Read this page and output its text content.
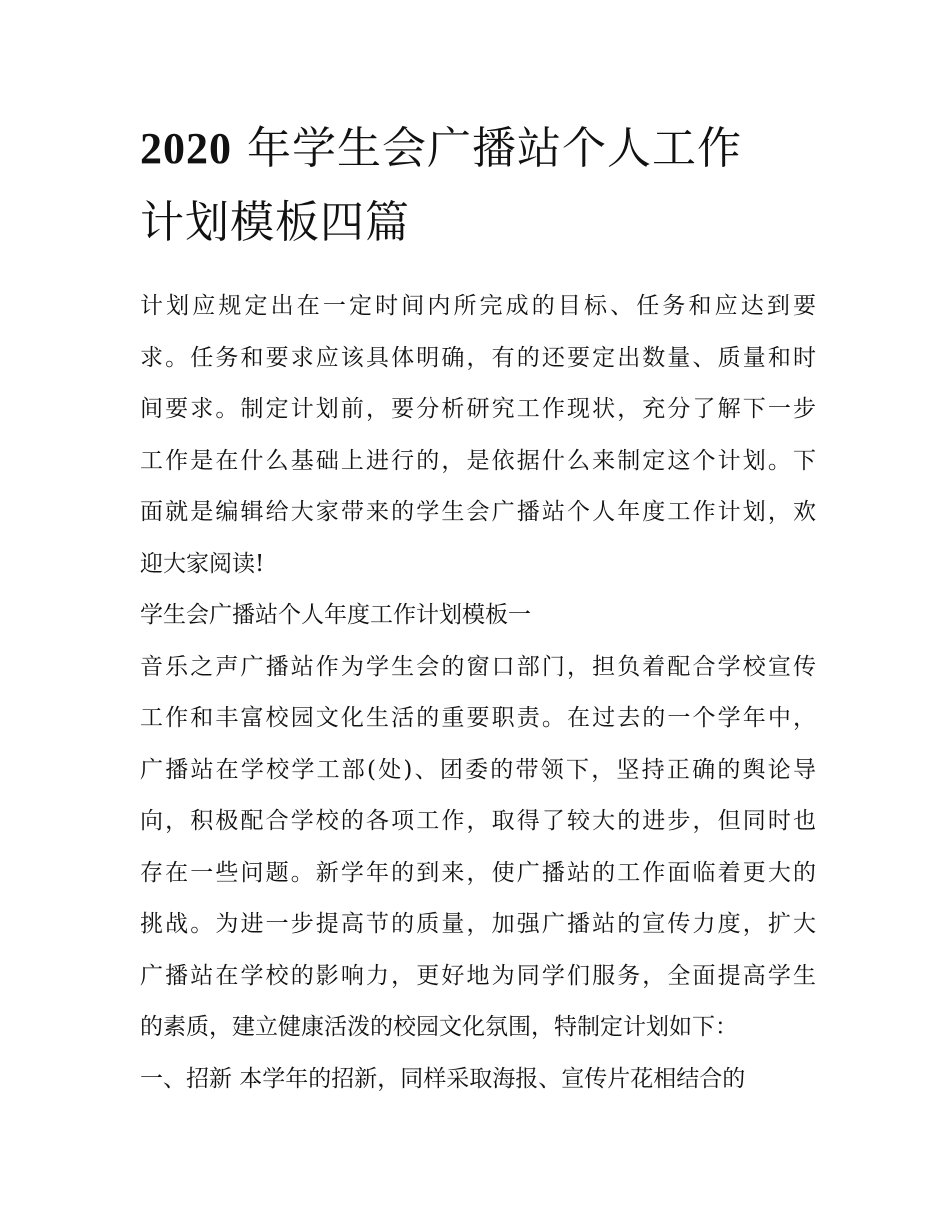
2020 年学生会广播站个人工作
计划模板四篇

计划应规定出在一定时间内所完成的目标、任务和应达到要

求。任务和要求应该具体明确，有的还要定出数量、质量和时

间要求。制定计划前，要分析研究工作现状，充分了解下一步

工作是在什么基础上进行的，是依据什么来制定这个计划。下

面就是编辑给大家带来的学生会广播站个人年度工作计划，欢

迎大家阅读!

学生会广播站个人年度工作计划模板一

音乐之声广播站作为学生会的窗口部门，担负着配合学校宣传

工作和丰富校园文化生活的重要职责。在过去的一个学年中，

广播站在学校学工部(处)、团委的带领下，坚持正确的舆论导

向，积极配合学校的各项工作，取得了较大的进步，但同时也

存在一些问题。新学年的到来，使广播站的工作面临着更大的

挑战。为进一步提高节的质量，加强广播站的宣传力度，扩大

广播站在学校的影响力，更好地为同学们服务，全面提高学生

的素质，建立健康活泼的校园文化氛围，特制定计划如下：

一、招新 本学年的招新，同样采取海报、宣传片花相结合的
